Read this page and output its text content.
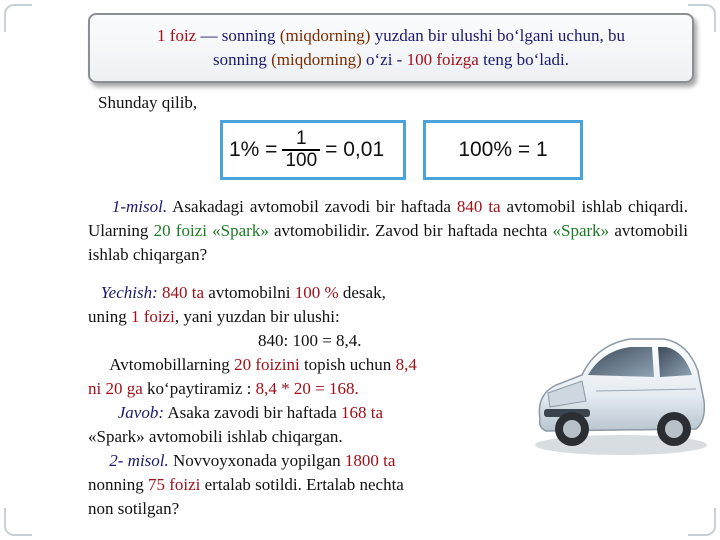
1 foiz — sonning (miqdorning) yuzdan bir ulushi bo‘lgani uchun, bu
sonning (miqdorning) o‘zi - 100 foizga teng bo‘ladi.
Shunday qilib,
$1\% = \frac{1}{100} = 0,01$	100% = 1
1-misol. Asakadagi avtomobil zavodi bir haftada 840 ta avtomobil ishlab chiqardi. Ularning 20 foizi «Spark» avtomobilidir. Zavod bir haftada nechta «Spark» avtomobili ishlab chiqargan?
Yechish: 840 ta avtomobilni 100 % desak,
uning 1 foizi, yani yuzdan bir ulushi:
840: 100 = 8,4.
Avtomobillarning 20 foizini topish uchun 8,4
ni 20 ga ko‘paytiramiz : 8,4 * 20 = 168.
Javob: Asaka zavodi bir haftada 168 ta
«Spark» avtomobili ishlab chiqargan.
2- misol. Novvoyxonada yopilgan 1800 ta
nonning 75 foizi ertalab sotildi. Ertalab nechta
non sotilgan?
